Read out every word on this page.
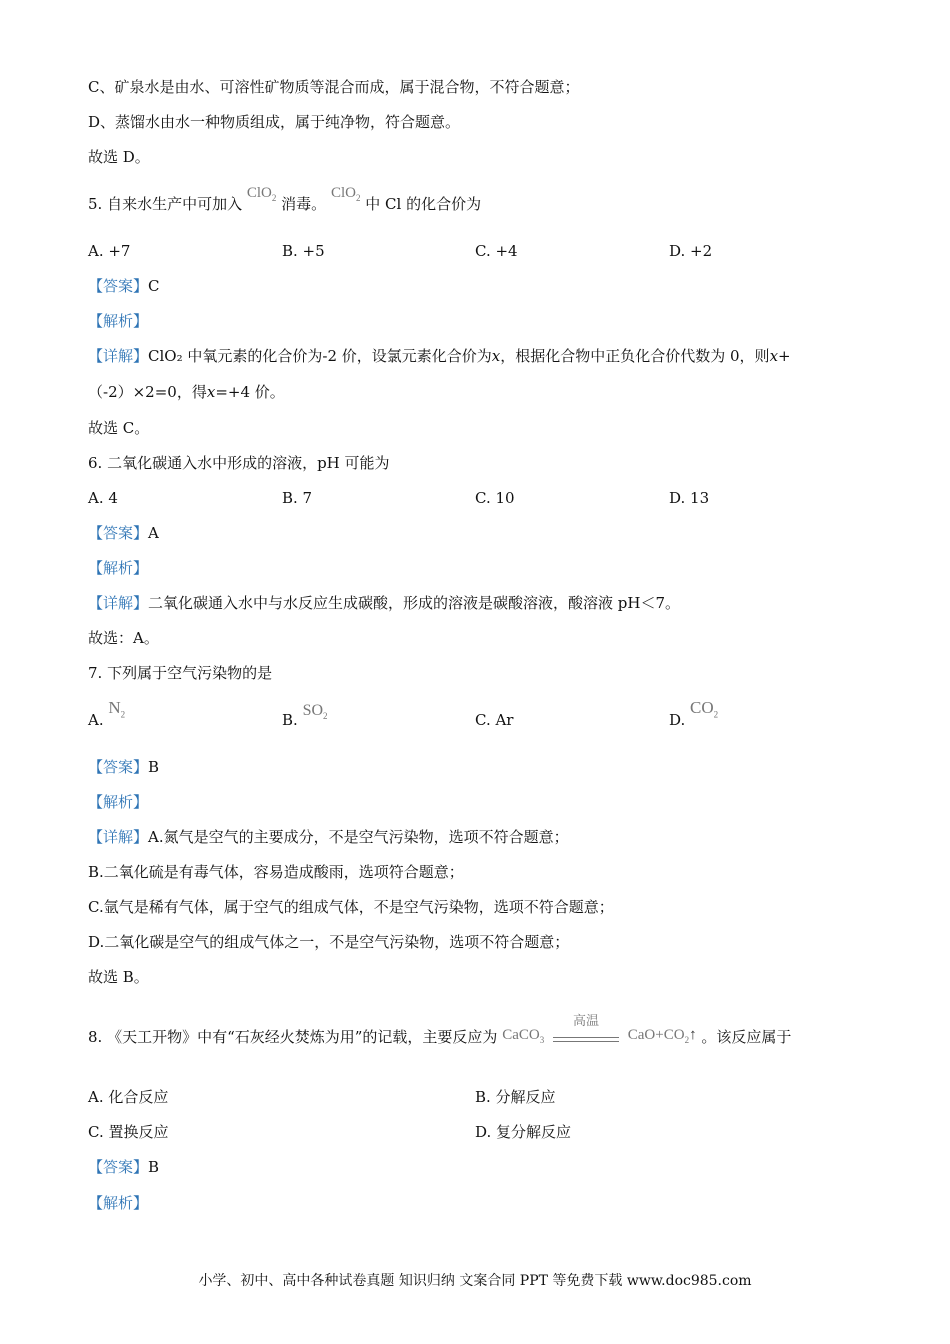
C、矿泉水是由水、可溶性矿物质等混合而成，属于混合物，不符合题意；
D、蒸馏水由水一种物质组成，属于纯净物，符合题意。
故选 D。
5. 自来水生产中可加入 ClO$_2$ 消毒。 ClO$_2$ 中 Cl 的化合价为
A. +7	B. +5	C. +4	D. +2
【答案】C
【解析】
【详解】ClO₂ 中氧元素的化合价为-2 价，设氯元素化合价为x，根据化合物中正负化合价代数为 0，则x+
（-2）×2=0，得x=+4 价。
故选 C。
6. 二氧化碳通入水中形成的溶液，pH 可能为
A. 4	B. 7	C. 10	D. 13
【答案】A
【解析】
【详解】二氧化碳通入水中与水反应生成碳酸，形成的溶液是碳酸溶液，酸溶液 pH＜7。
故选：A。
7. 下列属于空气污染物的是
A. $N_2$	B. $SO_2$	C. Ar	D. $CO_2$
【答案】B
【解析】
【详解】A.氮气是空气的主要成分，不是空气污染物，选项不符合题意；
B.二氧化硫是有毒气体，容易造成酸雨，选项符合题意；
C.氩气是稀有气体，属于空气的组成气体，不是空气污染物，选项不符合题意；
D.二氧化碳是空气的组成气体之一，不是空气污染物，选项不符合题意；
故选 B。
8. 《天工开物》中有“石灰经火焚炼为用”的记载，主要反应为 CaCO$_3$
高温
$CaO+CO_2↑$ 。该反应属于
A. 化合反应	B. 分解反应
C. 置换反应	D. 复分解反应
【答案】B
【解析】
小学、初中、高中各种试卷真题 知识归纳 文案合同 PPT 等免费下载 www.doc985.com
